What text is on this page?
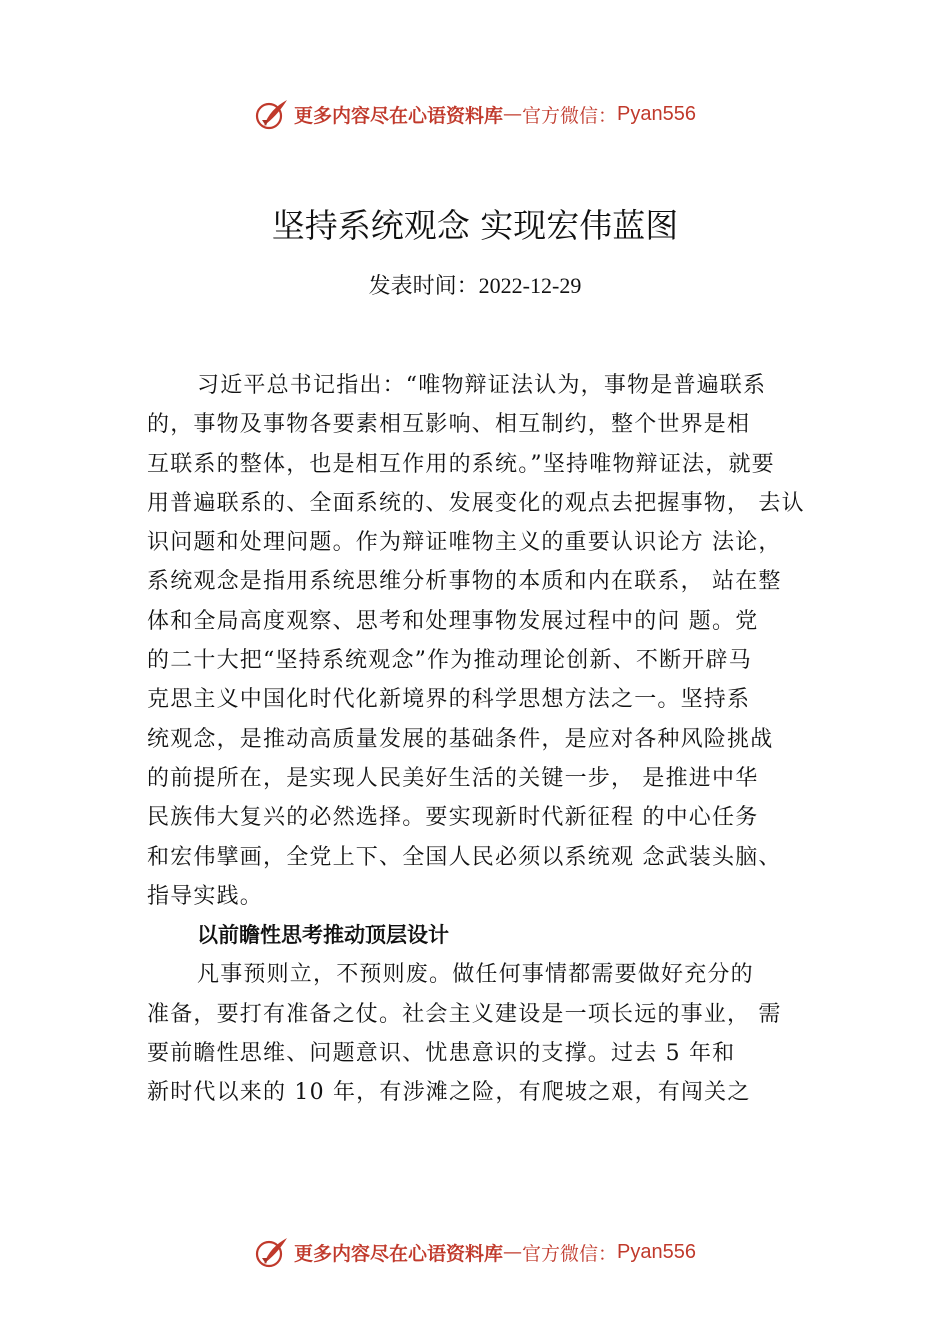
更多内容尽在心语资料库 — 官方微信： Pyan556
坚持系统观念 实现宏伟蓝图
发表时间：2022-12-29
习近平总书记指出：“唯物辩证法认为，事物是普遍联系
的，事物及事物各要素相互影响、相互制约，整个世界是相
互联系的整体，也是相互作用的系统。”坚持唯物辩证法，就要
用普遍联系的、全面系统的、发展变化的观点去把握事物， 去认
识问题和处理问题。作为辩证唯物主义的重要认识论方 法论，
系统观念是指用系统思维分析事物的本质和内在联系， 站在整
体和全局高度观察、思考和处理事物发展过程中的问 题。党
的二十大把“坚持系统观念”作为推动理论创新、不断开辟马
克思主义中国化时代化新境界的科学思想方法之一。坚持系
统观念，是推动高质量发展的基础条件，是应对各种风险挑战
的前提所在，是实现人民美好生活的关键一步， 是推进中华
民族伟大复兴的必然选择。要实现新时代新征程 的中心任务
和宏伟擘画，全党上下、全国人民必须以系统观 念武装头脑、
指导实践。
以前瞻性思考推动顶层设计
凡事预则立，不预则废。做任何事情都需要做好充分的
准备，要打有准备之仗。社会主义建设是一项长远的事业， 需
要前瞻性思维、问题意识、忧患意识的支撑。过去 5 年和
新时代以来的 10 年，有涉滩之险，有爬坡之艰，有闯关之
更多内容尽在心语资料库 — 官方微信： Pyan556
